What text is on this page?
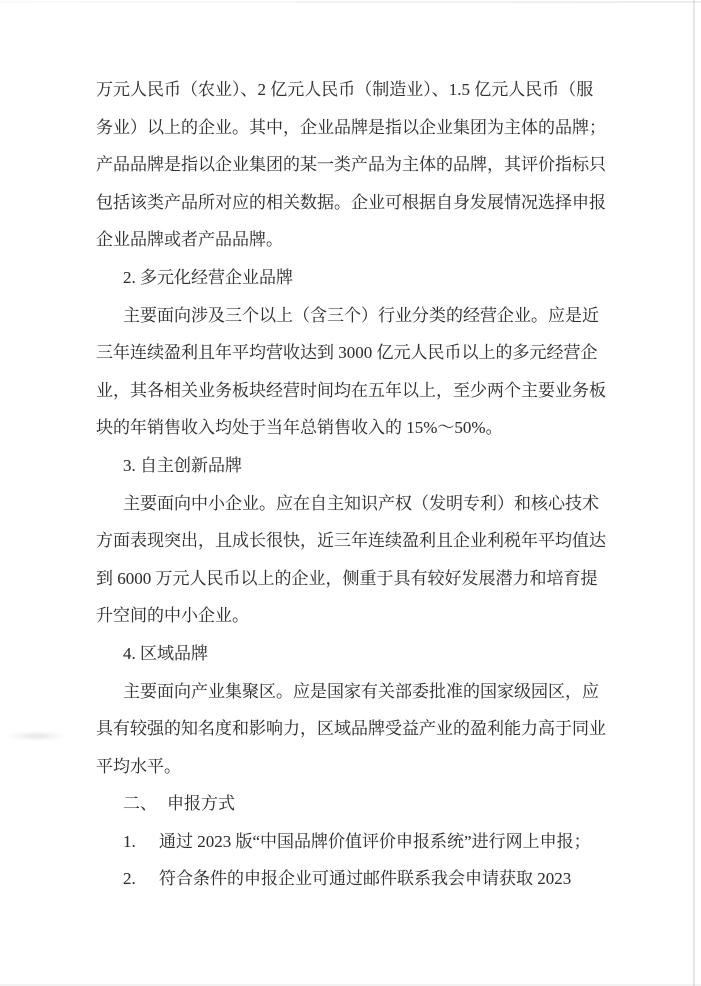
万元人民币（农业）、2 亿元人民币（制造业）、1.5 亿元人民币（服
务业）以上的企业。其中，企业品牌是指以企业集团为主体的品牌；
产品品牌是指以企业集团的某一类产品为主体的品牌，其评价指标只
包括该类产品所对应的相关数据。企业可根据自身发展情况选择申报
企业品牌或者产品品牌。
2. 多元化经营企业品牌
主要面向涉及三个以上（含三个）行业分类的经营企业。应是近
三年连续盈利且年平均营收达到 3000 亿元人民币以上的多元经营企
业，其各相关业务板块经营时间均在五年以上，至少两个主要业务板
块的年销售收入均处于当年总销售收入的 15%～50%。
3. 自主创新品牌
主要面向中小企业。应在自主知识产权（发明专利）和核心技术
方面表现突出，且成长很快，近三年连续盈利且企业利税年平均值达
到 6000 万元人民币以上的企业，侧重于具有较好发展潜力和培育提
升空间的中小企业。
4. 区域品牌
主要面向产业集聚区。应是国家有关部委批准的国家级园区，应
具有较强的知名度和影响力，区域品牌受益产业的盈利能力高于同业
平均水平。
二、 申报方式
1. 通过 2023 版“中国品牌价值评价申报系统”进行网上申报；
2. 符合条件的申报企业可通过邮件联系我会申请获取 2023
